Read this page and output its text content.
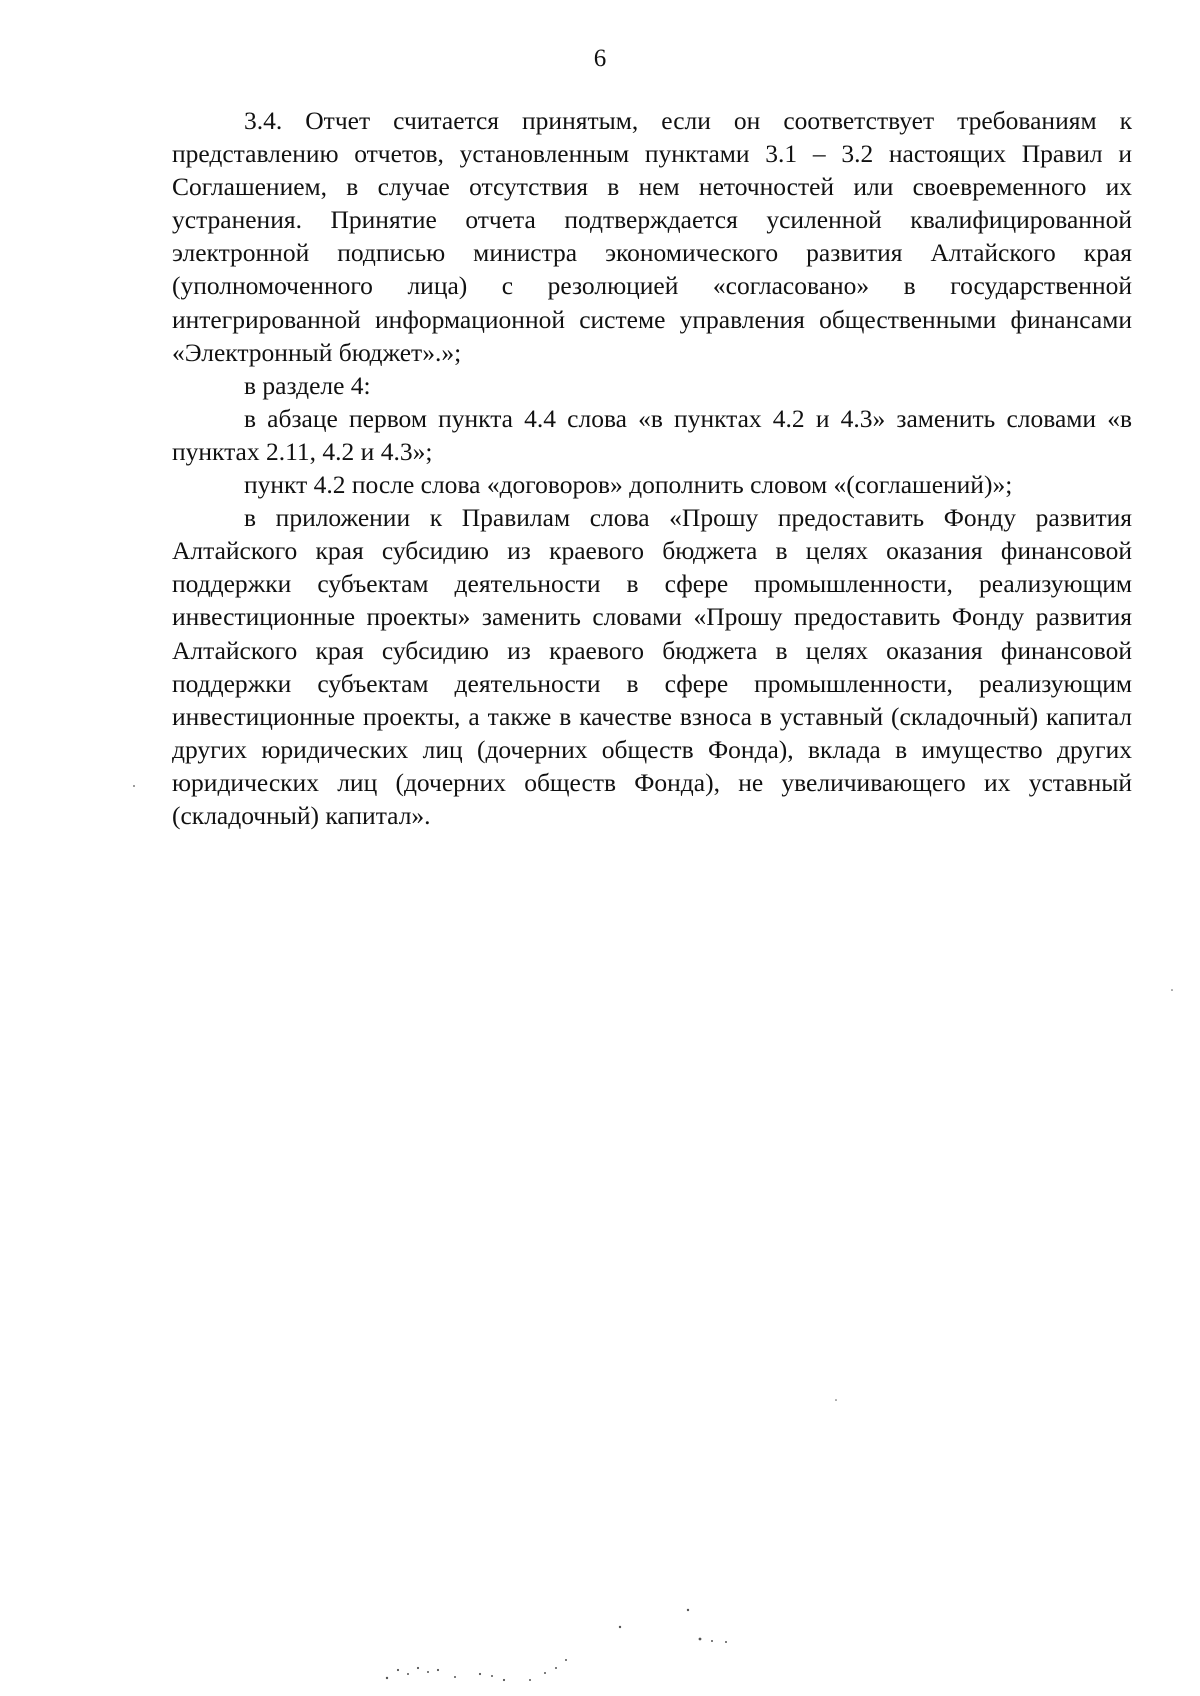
6

3.4. Отчет считается принятым, если он соответствует требованиям к представлению отчетов, установленным пунктами 3.1 – 3.2 настоящих Правил и Соглашением, в случае отсутствия в нем неточностей или своевременного их устранения. Принятие отчета подтверждается усиленной квалифицированной электронной подписью министра экономического развития Алтайского края (уполномоченного лица) с резолюцией «согласовано» в государственной интегрированной информационной системе управления общественными финансами «Электронный бюджет».»;

в разделе 4:

в абзаце первом пункта 4.4 слова «в пунктах 4.2 и 4.3» заменить словами «в пунктах 2.11, 4.2 и 4.3»;

пункт 4.2 после слова «договоров» дополнить словом «(соглашений)»;

в приложении к Правилам слова «Прошу предоставить Фонду развития Алтайского края субсидию из краевого бюджета в целях оказания финансовой поддержки субъектам деятельности в сфере промышленности, реализующим инвестиционные проекты» заменить словами «Прошу предоставить Фонду развития Алтайского края субсидию из краевого бюджета в целях оказания финансовой поддержки субъектам деятельности в сфере промышленности, реализующим инвестиционные проекты, а также в качестве взноса в уставный (складочный) капитал других юридических лиц (дочерних обществ Фонда), вклада в имущество других юридических лиц (дочерних обществ Фонда), не увеличивающего их уставный (складочный) капитал».
